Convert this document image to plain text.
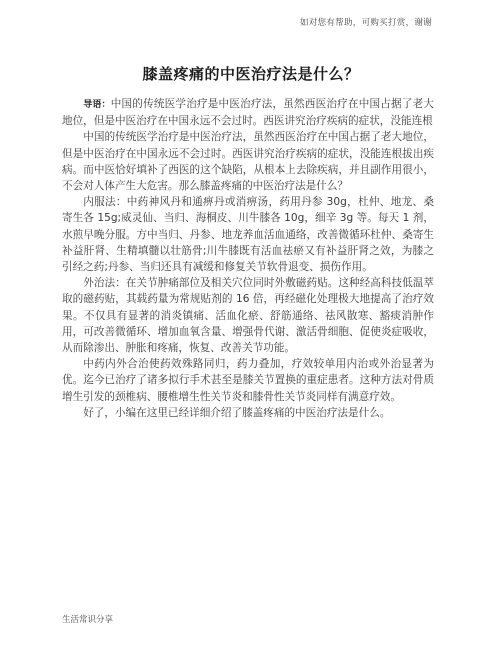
如对您有帮助，可购买打赏，谢谢
膝盖疼痛的中医治疗法是什么？

导语：中国的传统医学治疗是中医治疗法，虽然西医治疗在中国占据了老大地位，但是中医治疗在中国永远不会过时。西医讲究治疗疾病的症状，没能连根

中国的传统医学治疗是中医治疗法，虽然西医治疗在中国占据了老大地位，但是中医治疗在中国永远不会过时。西医讲究治疗疾病的症状，没能连根拔出疾病。而中医恰好填补了西医的这个缺陷，从根本上去除疾病，并且副作用很小，不会对人体产生大危害。那么膝盖疼痛的中医治疗法是什么？

内服法：中药神风丹和通痹丹或消痹汤，药用丹参 30g，杜仲、地龙、桑寄生各 15g;威灵仙、当归、海桐皮、川牛膝各 10g，细辛 3g 等。每天 1 剂，水煎早晚分服。方中当归、丹参、地龙养血活血通络，改善微循环杜仲、桑寄生补益肝肾、生精填髓以壮筋骨;川牛膝既有活血祛瘀又有补益肝肾之效，为膝之引经之药;丹参、当归还具有减缓和修复关节软骨退变、损伤作用。

外治法：在关节肿痛部位及相关穴位同时外敷磁药贴。这种经高科技低温萃取的磁药贴，其载药量为常规贴剂的 16 倍，再经磁化处理极大地提高了治疗效果。不仅具有显著的消炎镇痛、活血化瘀、舒筋通络、祛风散寒、豁痰消肿作用，可改善微循环、增加血氧含量、增强骨代谢、激活骨细胞、促使炎症吸收，从而除渗出、肿胀和疼痛，恢复、改善关节功能。

中药内外合治使药效殊路同归，药力叠加，疗效较单用内治或外治显著为优。迄今已治疗了诸多拟行手术甚至是膝关节置换的重症患者。这种方法对骨质增生引发的颈椎病、腰椎增生性关节炎和膝骨性关节炎同样有满意疗效。

好了，小编在这里已经详细介绍了膝盖疼痛的中医治疗法是什么。

生活常识分享
